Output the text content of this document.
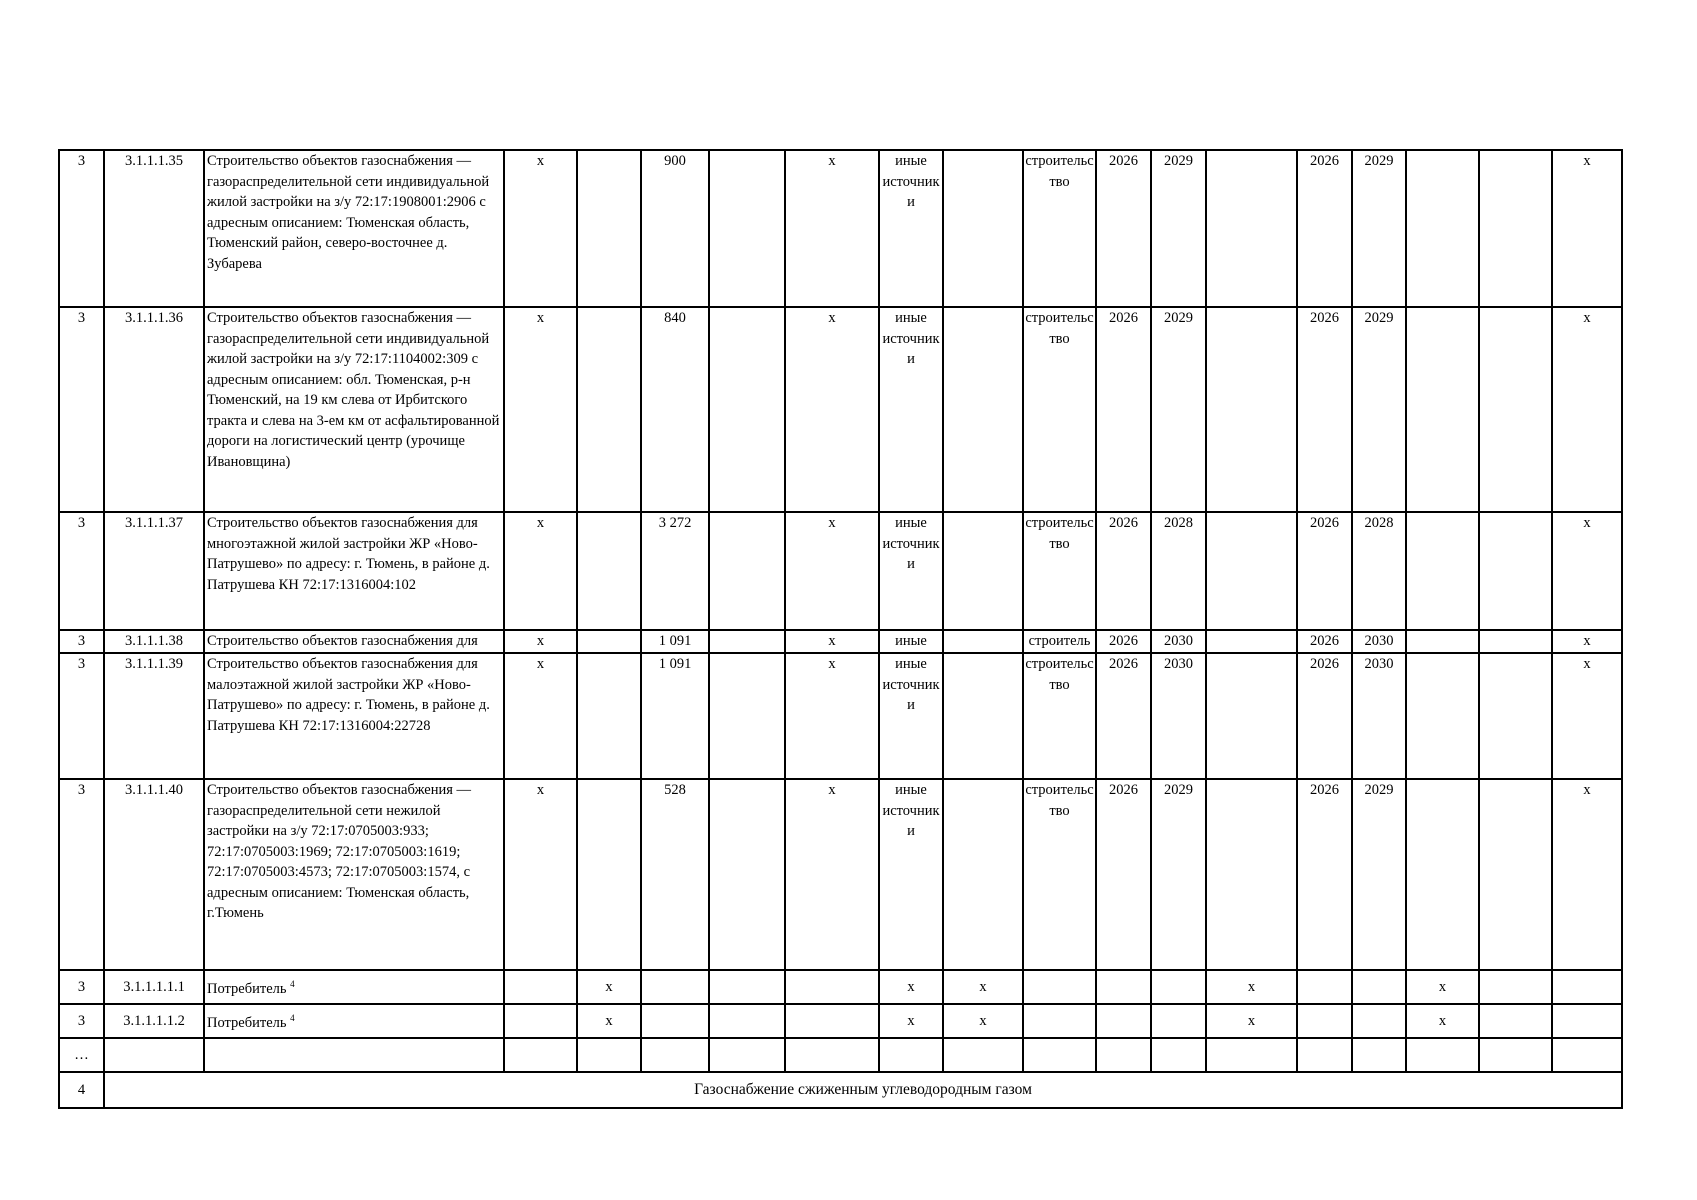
3	3.1.1.1.35	Строительство объектов газоснабжения — газораспределительной сети индивидуальной жилой застройки на з/у 72:17:1908001:2906 с адресным описанием: Тюменская область, Тюменский район, северо-восточнее д. Зубарева	х		900		х	иные источники		строительство	2026	2029		2026	2029			х
3	3.1.1.1.36	Строительство объектов газоснабжения — газораспределительной сети индивидуальной жилой застройки на з/у 72:17:1104002:309 с адресным описанием: обл. Тюменская, р-н Тюменский, на 19 км слева от Ирбитского тракта и слева на 3-ем км от асфальтированной дороги на логистический центр (урочище Ивановщина)	х		840		х	иные источники		строительство	2026	2029		2026	2029			х
3	3.1.1.1.37	Строительство объектов газоснабжения для многоэтажной жилой застройки ЖР «Ново-Патрушево» по адресу: г. Тюмень, в районе д. Патрушева КН 72:17:1316004:102	х		3 272		х	иные источники		строительство	2026	2028		2026	2028			х
3	3.1.1.1.38	Строительство объектов газоснабжения для	х		1 091		х	иные		строитель	2026	2030		2026	2030			х
3	3.1.1.1.39	Строительство объектов газоснабжения для малоэтажной жилой застройки ЖР «Ново-Патрушево» по адресу: г. Тюмень, в районе д. Патрушева КН 72:17:1316004:22728	х		1 091		х	иные источники		строительство	2026	2030		2026	2030			х
3	3.1.1.1.40	Строительство объектов газоснабжения — газораспределительной сети нежилой застройки на з/у 72:17:0705003:933; 72:17:0705003:1969; 72:17:0705003:1619; 72:17:0705003:4573; 72:17:0705003:1574, с адресным описанием: Тюменская область, г.Тюмень	х		528		х	иные источники		строительство	2026	2029		2026	2029			х
3	3.1.1.1.1.1	Потребитель $^4$		х				х	х				х			х		
3	3.1.1.1.1.2	Потребитель $^4$		х				х	х				х			х		
…																		
4	Газоснабжение сжиженным углеводородным газом																	
